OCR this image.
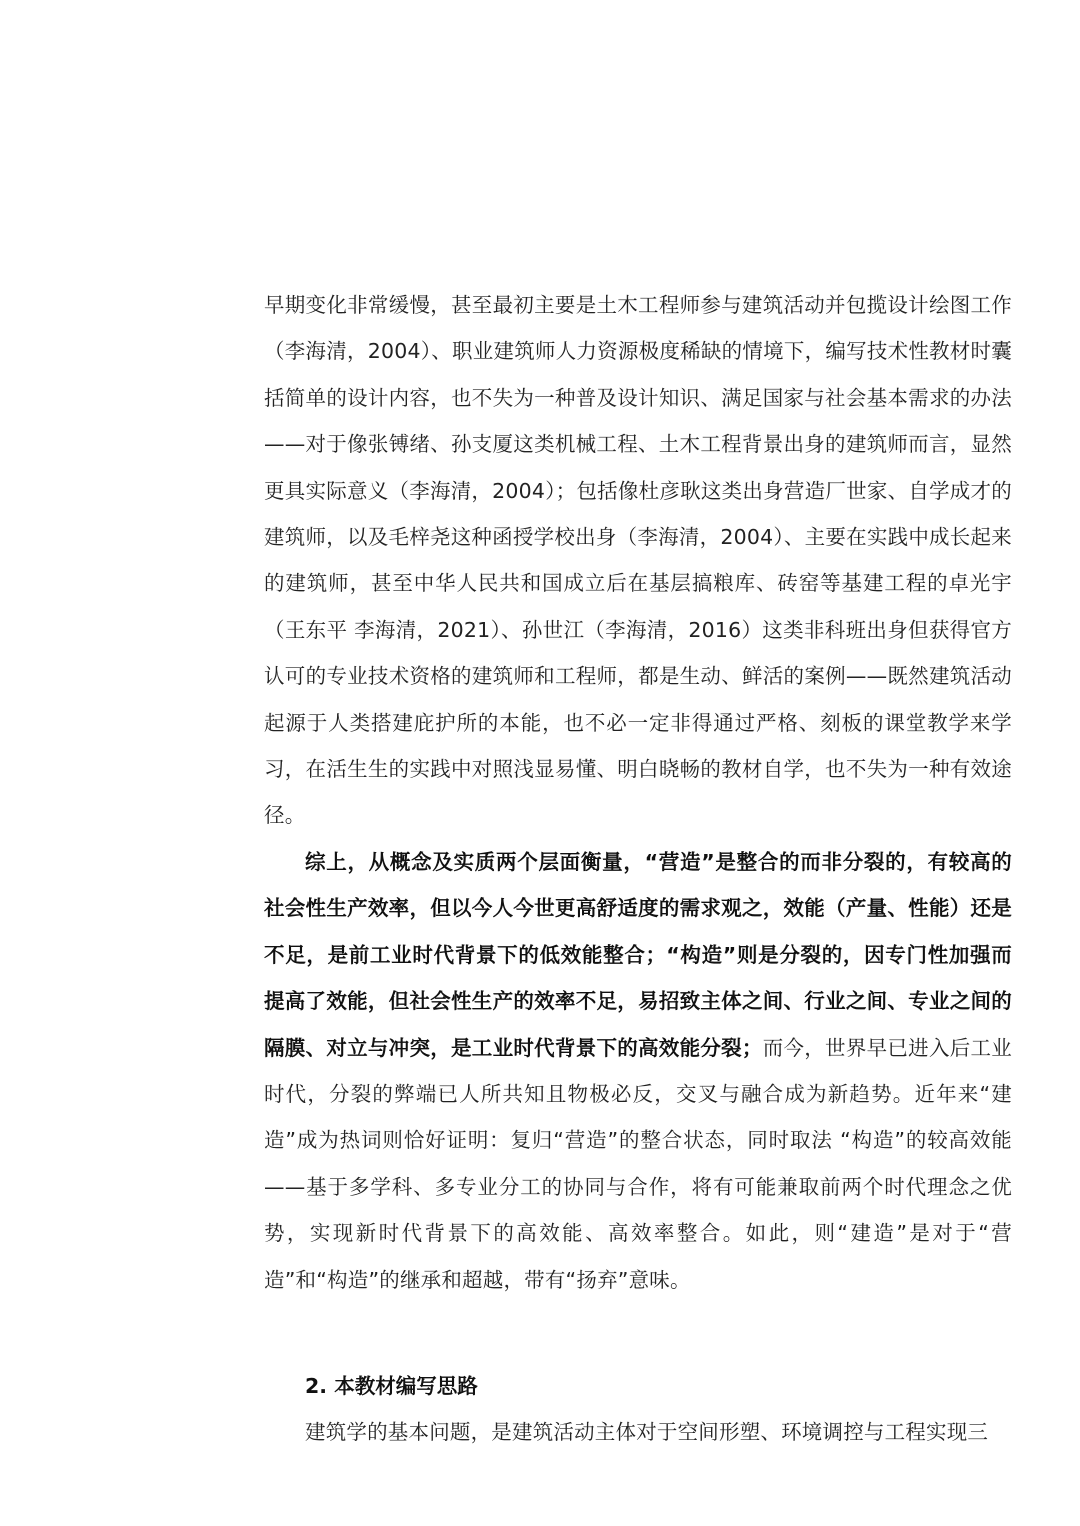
早期变化非常缓慢，甚至最初主要是土木工程师参与建筑活动并包揽设计绘图工作（李海清，2004）、职业建筑师人力资源极度稀缺的情境下，编写技术性教材时囊括简单的设计内容，也不失为一种普及设计知识、满足国家与社会基本需求的办法——对于像张镈绪、孙支厦这类机械工程、土木工程背景出身的建筑师而言，显然更具实际意义（李海清，2004）；包括像杜彦耿这类出身营造厂世家、自学成才的建筑师，以及毛梓尧这种函授学校出身（李海清，2004）、主要在实践中成长起来的建筑师，甚至中华人民共和国成立后在基层搞粮库、砖窑等基建工程的卓光宇（王东平 李海清，2021）、孙世江（李海清，2016）这类非科班出身但获得官方认可的专业技术资格的建筑师和工程师，都是生动、鲜活的案例——既然建筑活动起源于人类搭建庇护所的本能，也不必一定非得通过严格、刻板的课堂教学来学习，在活生生的实践中对照浅显易懂、明白晓畅的教材自学，也不失为一种有效途径。

综上，从概念及实质两个层面衡量，“营造”是整合的而非分裂的，有较高的社会性生产效率，但以今人今世更高舒适度的需求观之，效能（产量、性能）还是不足，是前工业时代背景下的低效能整合；“构造”则是分裂的，因专门性加强而提高了效能，但社会性生产的效率不足，易招致主体之间、行业之间、专业之间的隔膜、对立与冲突，是工业时代背景下的高效能分裂；而今，世界早已进入后工业时代，分裂的弊端已人所共知且物极必反，交叉与融合成为新趋势。近年来“建造”成为热词则恰好证明：复归“营造”的整合状态，同时取法 “构造”的较高效能——基于多学科、多专业分工的协同与合作，将有可能兼取前两个时代理念之优势，实现新时代背景下的高效能、高效率整合。如此，则“建造”是对于“营造”和“构造”的继承和超越，带有“扬弃”意味。

2. 本教材编写思路

建筑学的基本问题，是建筑活动主体对于空间形塑、环境调控与工程实现三
